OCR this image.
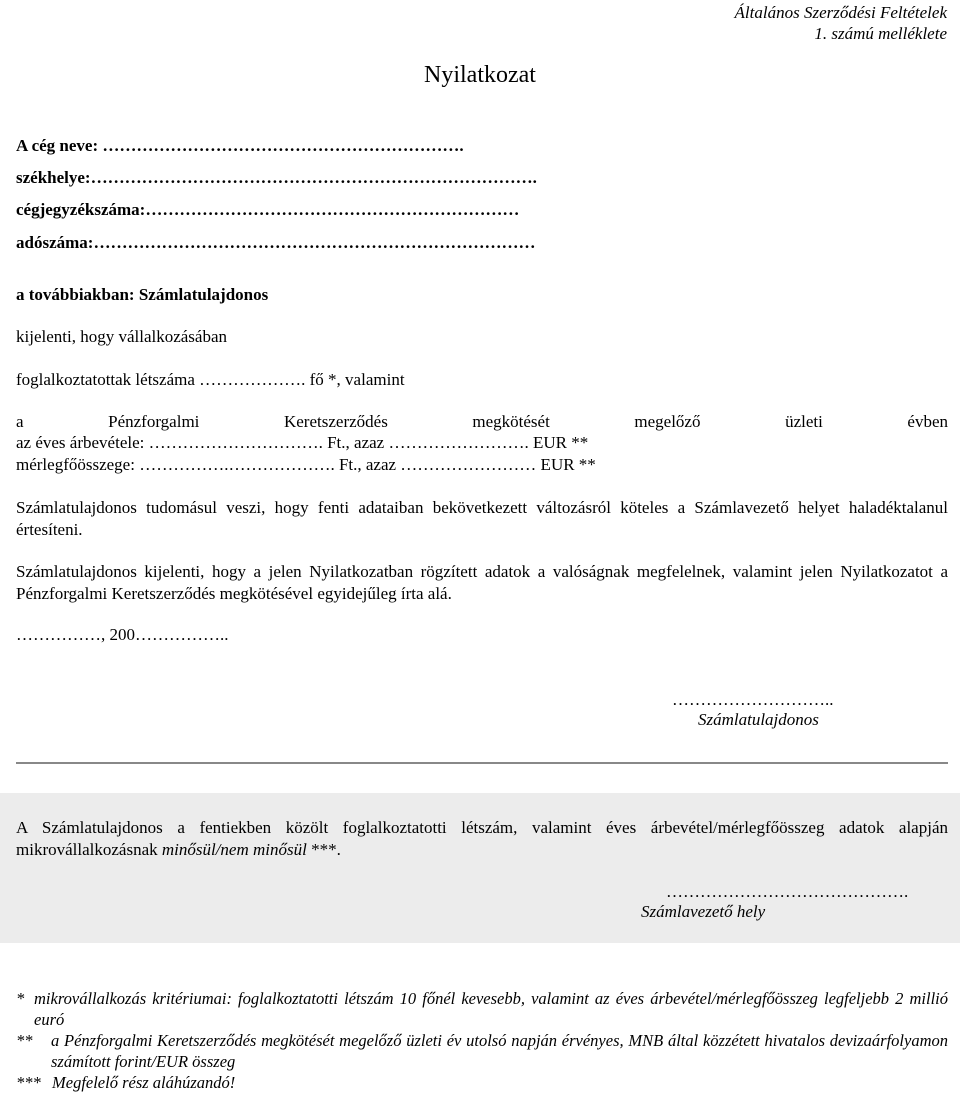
Általános Szerződési Feltételek
1. számú melléklete
Nyilatkozat
A cég neve: ……………………………………………………….
székhelye:…………………………………………………………………….
cégjegyzékszáma:…………………………………………………………
adószáma:……………………………………………………………………
a továbbiakban: Számlatulajdonos
kijelenti, hogy vállalkozásában
foglalkoztatottak létszáma ………………. fő *, valamint
a	Pénzforgalmi	Keretszerződés	megkötését	megelőző	üzleti	évben
az éves árbevétele: …………………………. Ft., azaz ……………………. EUR **
mérlegfőösszege: …………….………………. Ft., azaz …………………… EUR **
Számlatulajdonos tudomásul veszi, hogy fenti adataiban bekövetkezett változásról köteles a Számlavezető helyet haladéktalanul értesíteni.
Számlatulajdonos kijelenti, hogy a jelen Nyilatkozatban rögzített adatok a valóságnak megfelelnek, valamint jelen Nyilatkozatot a Pénzforgalmi Keretszerződés megkötésével egyidejűleg írta alá.
……………, 200……………..
………………………..
Számlatulajdonos
A Számlatulajdonos a fentiekben közölt foglalkoztatotti létszám, valamint éves árbevétel/mérlegfőösszeg adatok alapján mikrovállalkozásnak minősül/nem minősül ***.
…………………………………….
Számlavezető hely
* mikrovállalkozás kritériumai: foglalkoztatotti létszám 10 főnél kevesebb, valamint az éves árbevétel/mérlegfőösszeg legfeljebb 2 millió euró
**	a Pénzforgalmi Keretszerződés megkötését megelőző üzleti év utolsó napján érvényes, MNB által közzétett hivatalos devizaárfolyamon számított forint/EUR összeg
*** Megfelelő rész aláhúzandó!
